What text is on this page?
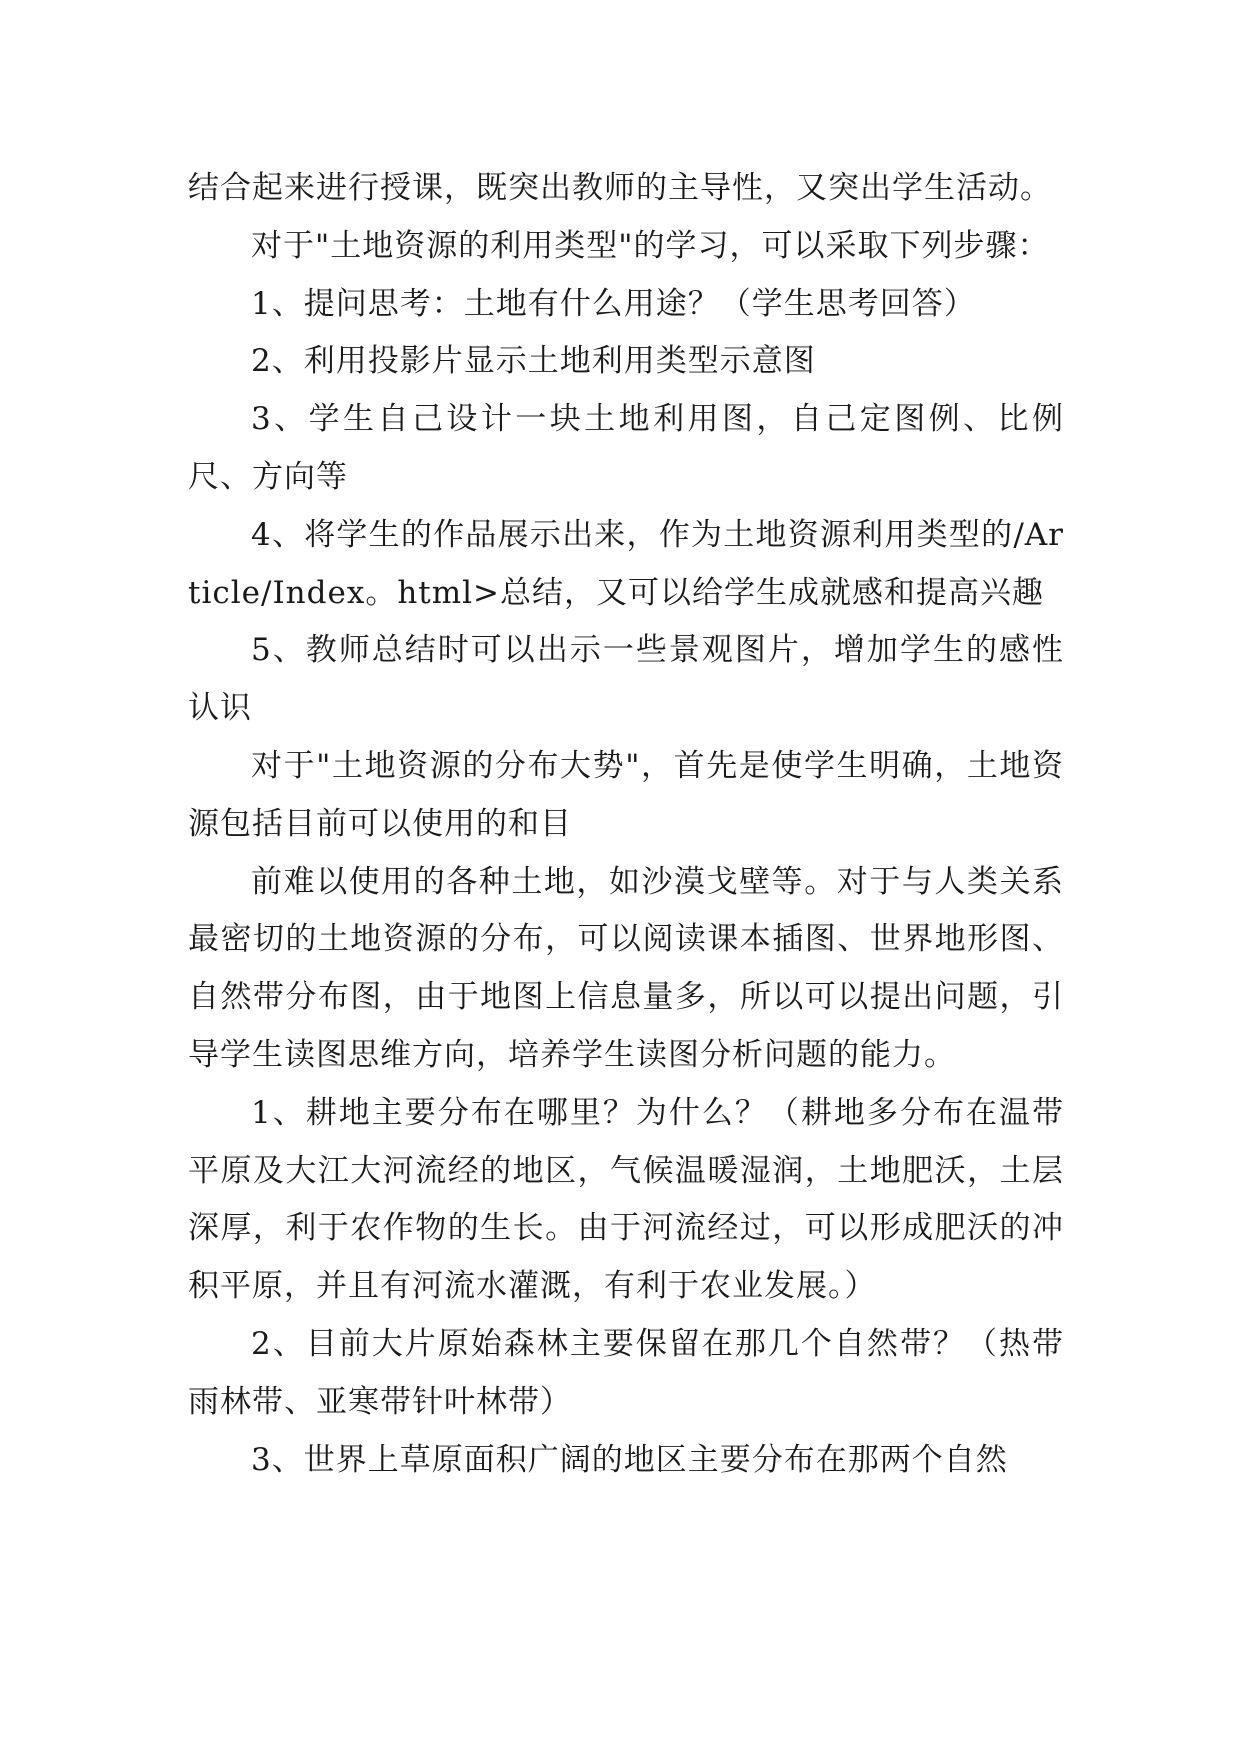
结合起来进行授课，既突出教师的主导性，又突出学生活动。

对于"土地资源的利用类型"的学习，可以采取下列步骤：

1、提问思考：土地有什么用途？（学生思考回答）

2、利用投影片显示土地利用类型示意图

3、学生自己设计一块土地利用图，自己定图例、比例尺、方向等

4、将学生的作品展示出来，作为土地资源利用类型的/Article/Index。html>总结，又可以给学生成就感和提高兴趣

5、教师总结时可以出示一些景观图片，增加学生的感性认识

对于"土地资源的分布大势"，首先是使学生明确，土地资源包括目前可以使用的和目

前难以使用的各种土地，如沙漠戈壁等。对于与人类关系最密切的土地资源的分布，可以阅读课本插图、世界地形图、自然带分布图，由于地图上信息量多，所以可以提出问题，引导学生读图思维方向，培养学生读图分析问题的能力。

1、耕地主要分布在哪里？为什么？（耕地多分布在温带平原及大江大河流经的地区，气候温暖湿润，土地肥沃，土层深厚，利于农作物的生长。由于河流经过，可以形成肥沃的冲积平原，并且有河流水灌溉，有利于农业发展。）

2、目前大片原始森林主要保留在那几个自然带？（热带雨林带、亚寒带针叶林带）

3、世界上草原面积广阔的地区主要分布在那两个自然
